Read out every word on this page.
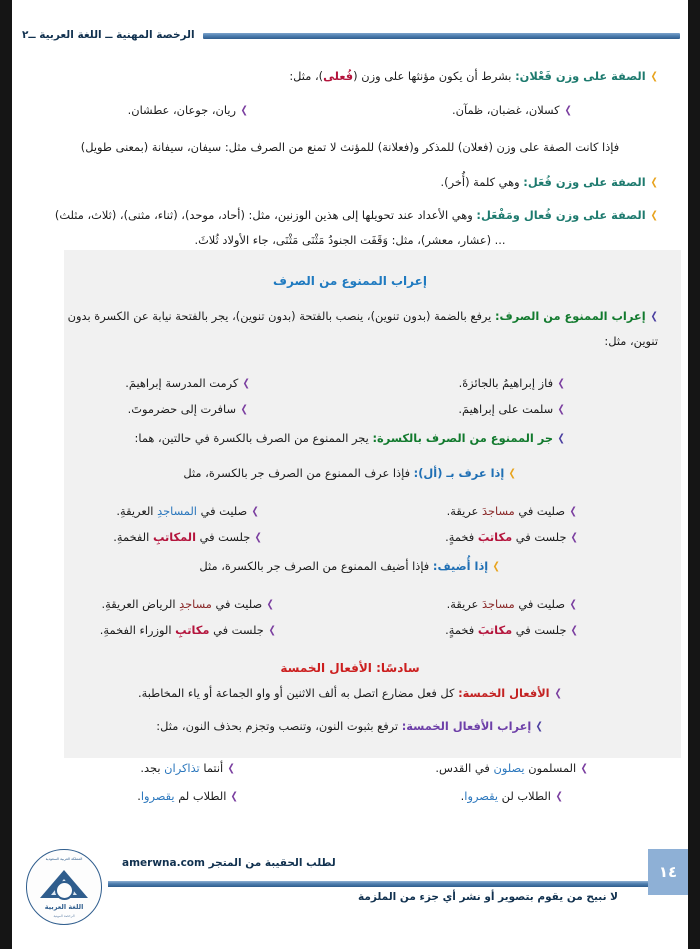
الرخصة المهنية ــ اللغة العربية ــ٢
❯الصفة على وزن فَعْلان: بشرط أن يكون مؤنثها على وزن (فُعلى)، مثل:
❯كسلان، غضبان، ظمآن.
❯ريان، جوعان، عطشان.
فإذا كانت الصفة على وزن (فعلان) للمذكر و(فعلانة) للمؤنث لا تمنع من الصرف مثل: سيفان، سيفانة (بمعنى طويل)
❯الصفة على وزن فُعَل: وهي كلمة (أُخر).
❯الصفة على وزن فُعال ومَفْعَل: وهي الأعداد عند تحويلها إلى هذين الوزنين، مثل: (أحاد، موحد)، (ثناء، مثنى)، (ثلاث، مثلث)
... (عشار، معشر)، مثل: وَقَفَت الجنودُ مَثْنَى مَثْنَى، جاء الأولاد ثُلاثَ.
إعراب الممنوع من الصرف
❯إعراب الممنوع من الصرف: يرفع بالضمة (بدون تنوين)، ينصب بالفتحة (بدون تنوين)، يجر بالفتحة نيابة عن الكسرة بدون
تنوين، مثل:
❯فاز إبراهيمُ بالجائزةَ.
❯كرمت المدرسة إبراهيمَ.
❯سلمت على إبراهيمَ.
❯سافرت إلى حضرموتَ.
❯جر الممنوع من الصرف بالكسرة: يجر الممنوع من الصرف بالكسرة في حالتين، هما:
❯إذا عرف بـ (أل): فإذا عرف الممنوع من الصرف جر بالكسرة، مثل
❯صليت في مساجدَ عريقة.
❯صليت في المساجدِ العريقةِ.
❯جلست في مكاتبَ فخمةٍ.
❯جلست في المكاتبِ الفخمةِ.
❯إذا أُضيف: فإذا أضيف الممنوع من الصرف جر بالكسرة، مثل
❯صليت في مساجدَ عريقة.
❯صليت في مساجدِ الرياض العريقةِ.
❯جلست في مكاتبَ فخمةٍ.
❯جلست في مكاتبِ الوزراء الفخمةِ.
سادسًا: الأفعال الخمسة
❯الأفعال الخمسة: كل فعل مضارع اتصل به ألف الاثنين أو واو الجماعة أو ياء المخاطبة.
❯إعراب الأفعال الخمسة: ترفع بثبوت النون، وتنصب وتجزم بحذف النون، مثل:
❯المسلمون يصلون في القدس.
❯أنتما تذاكران بجد.
❯الطلاب لن يقصروا.
❯الطلاب لم يقصروا.
المملكة العربية السعودية
اللغة العربية
الرخصة المهنية
لطلب الحقيبة من المتجر amerwna.com
لا نبيح من يقوم بتصوير أو نشر أي جزء من الملزمة
١٤
